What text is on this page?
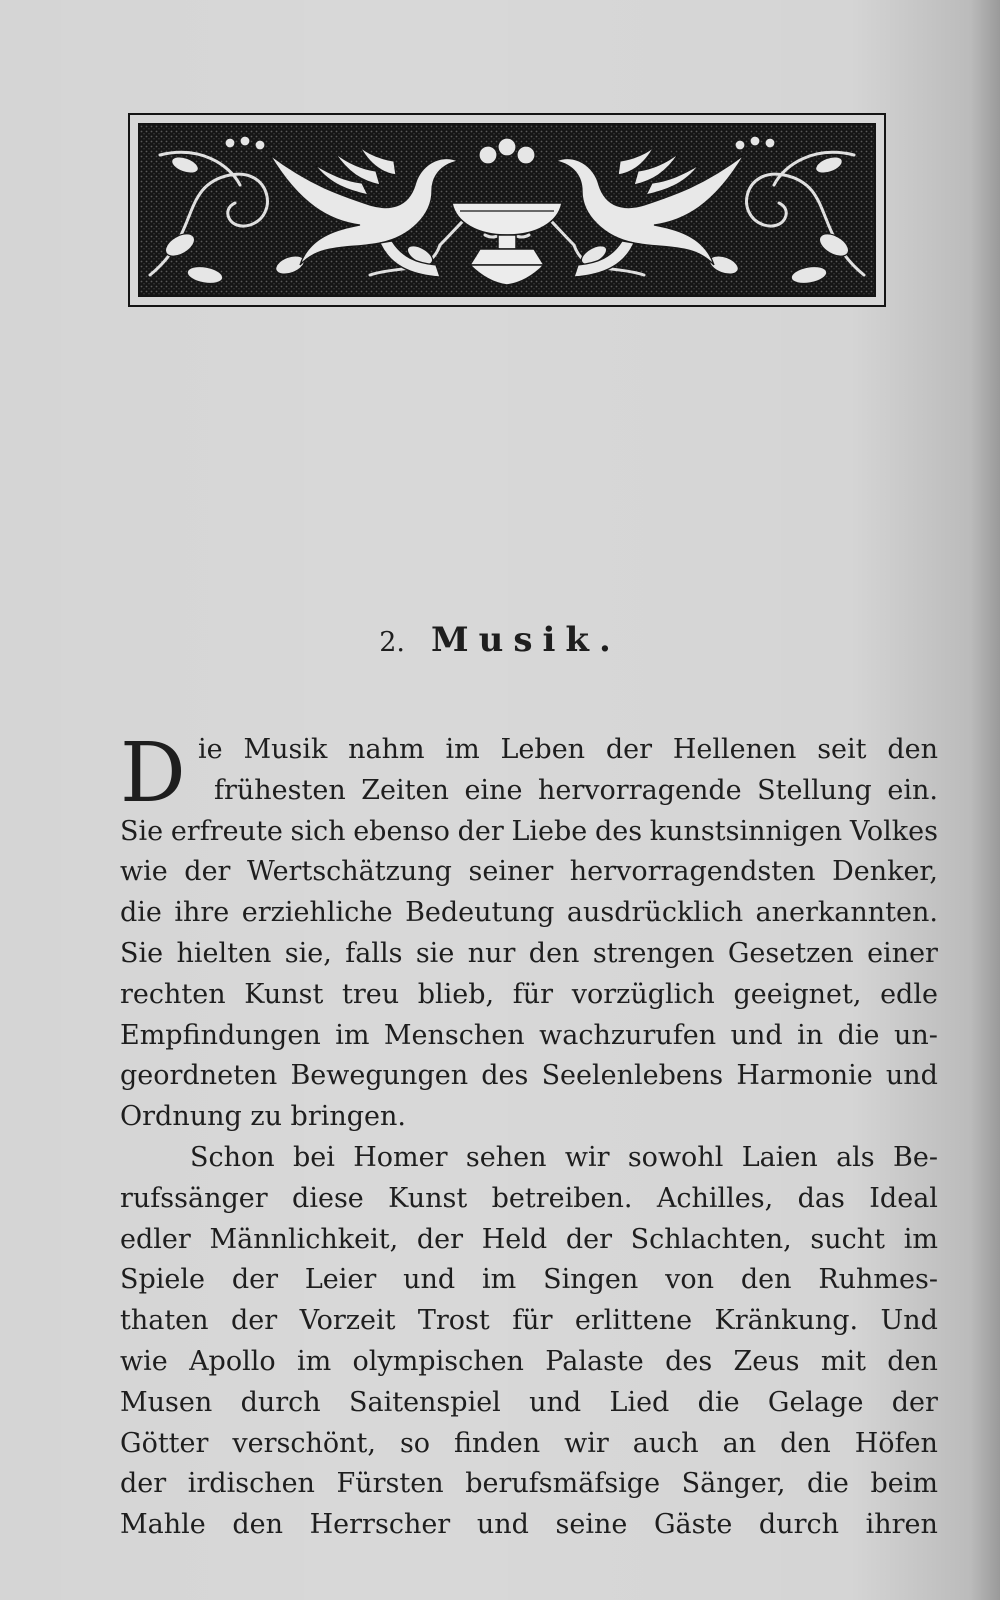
2. Musik.
D ie Musik nahm im Leben der Hellenen seit den
frühesten Zeiten eine hervorragende Stellung ein.
Sie erfreute sich ebenso der Liebe des kunstsinnigen Volkes
wie der Wertschätzung seiner hervorragendsten Denker,
die ihre erziehliche Bedeutung ausdrücklich anerkannten.
Sie hielten sie, falls sie nur den strengen Gesetzen einer
rechten Kunst treu blieb, für vorzüglich geeignet, edle
Empfindungen im Menschen wachzurufen und in die un-
geordneten Bewegungen des Seelenlebens Harmonie und
Ordnung zu bringen.
Schon bei Homer sehen wir sowohl Laien als Be-
rufssänger diese Kunst betreiben. Achilles, das Ideal
edler Männlichkeit, der Held der Schlachten, sucht im
Spiele der Leier und im Singen von den Ruhmes-
thaten der Vorzeit Trost für erlittene Kränkung. Und
wie Apollo im olympischen Palaste des Zeus mit den
Musen durch Saitenspiel und Lied die Gelage der
Götter verschönt, so finden wir auch an den Höfen
der irdischen Fürsten berufsmäfsige Sänger, die beim
Mahle den Herrscher und seine Gäste durch ihren
